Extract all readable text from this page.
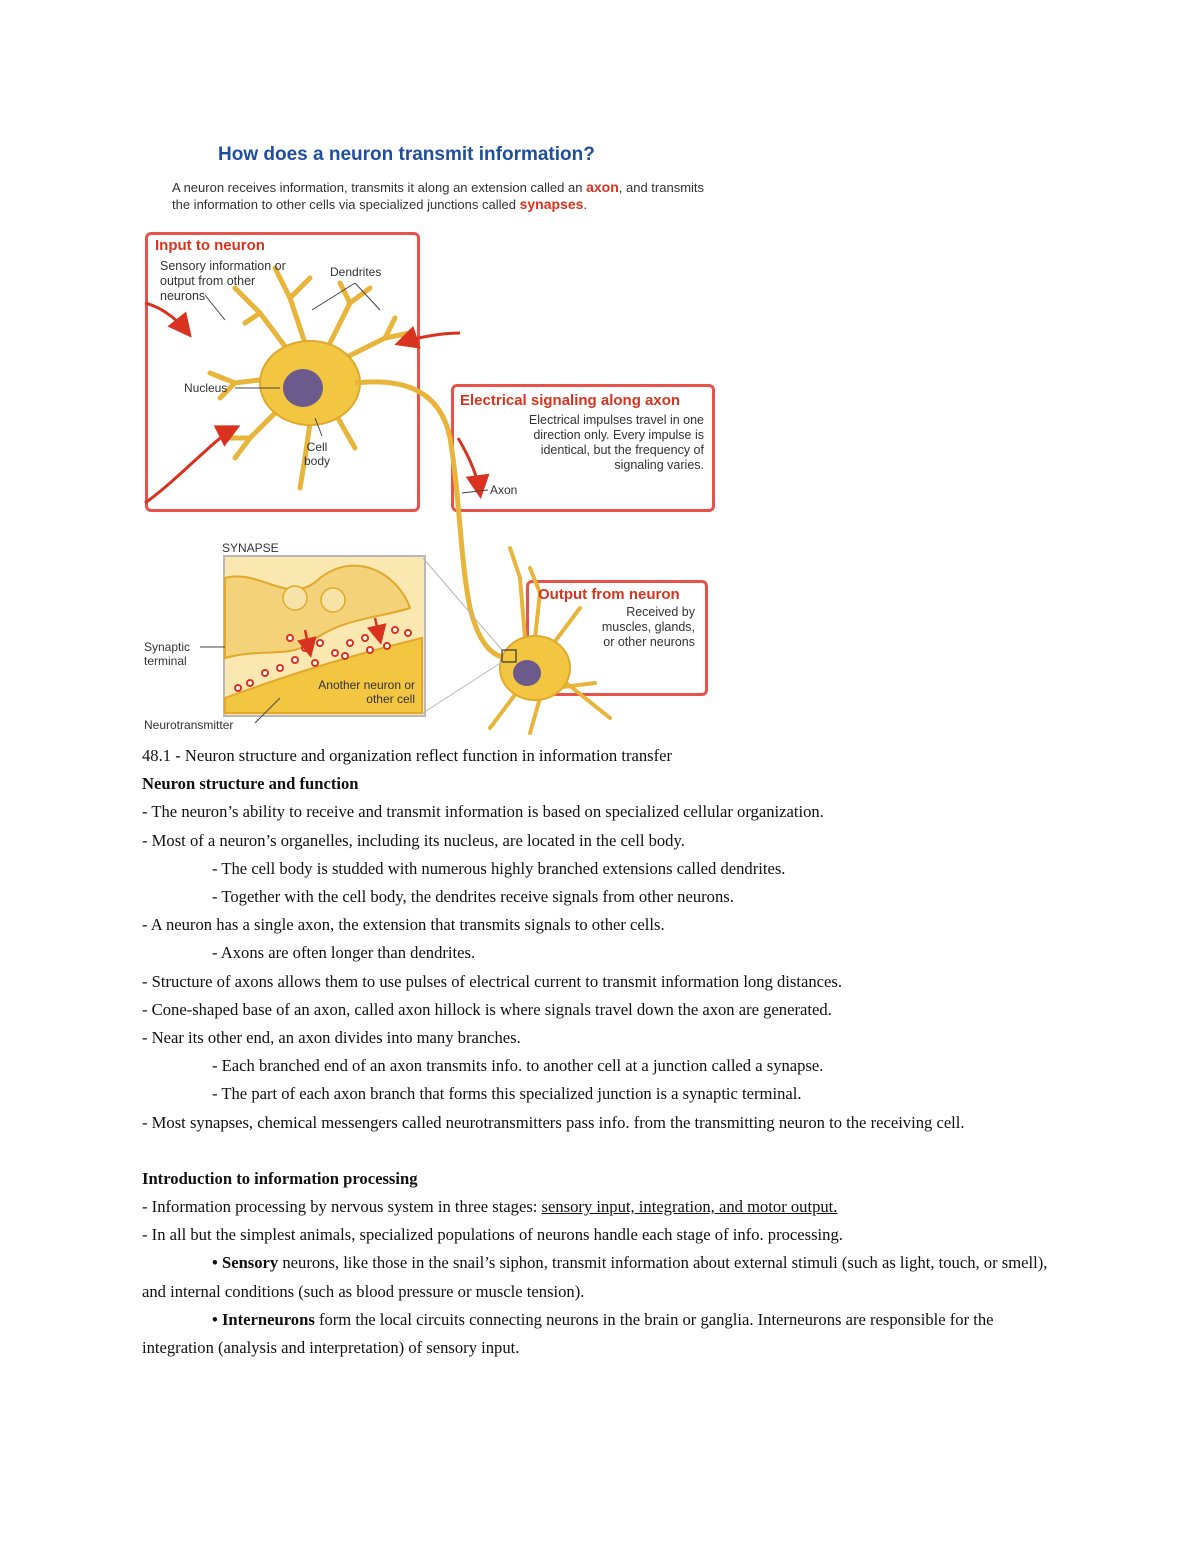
How does a neuron transmit information?
A neuron receives information, transmits it along an extension called an axon, and transmits the information to other cells via specialized junctions called synapses.
Input to neuron
Sensory information or output from other neurons
Dendrites
Nucleus
Cell body
Electrical signaling along axon
Electrical impulses travel in one direction only. Every impulse is identical, but the frequency of signaling varies.
Axon
SYNAPSE
Synaptic terminal
Another neuron or other cell
Neurotransmitter
Output from neuron
Received by muscles, glands, or other neurons
48.1 - Neuron structure and organization reflect function in information transfer
Neuron structure and function
- The neuron’s ability to receive and transmit information is based on specialized cellular organization.
- Most of a neuron’s organelles, including its nucleus, are located in the cell body.
- The cell body is studded with numerous highly branched extensions called dendrites.
- Together with the cell body, the dendrites receive signals from other neurons.
- A neuron has a single axon, the extension that transmits signals to other cells.
- Axons are often longer than dendrites.
- Structure of axons allows them to use pulses of electrical current to transmit information long distances.
- Cone-shaped base of an axon, called axon hillock is where signals travel down the axon are generated.
- Near its other end, an axon divides into many branches.
- Each branched end of an axon transmits info. to another cell at a junction called a synapse.
- The part of each axon branch that forms this specialized junction is a synaptic terminal.
- Most synapses, chemical messengers called neurotransmitters pass info. from the transmitting neuron to the receiving cell.
Introduction to information processing
- Information processing by nervous system in three stages: sensory input, integration, and motor output.
- In all but the simplest animals, specialized populations of neurons handle each stage of info. processing.
• Sensory neurons, like those in the snail’s siphon, transmit information about external stimuli (such as light, touch, or smell), and internal conditions (such as blood pressure or muscle tension).
• Interneurons form the local circuits connecting neurons in the brain or ganglia. Interneurons are responsible for the integration (analysis and interpretation) of sensory input.
